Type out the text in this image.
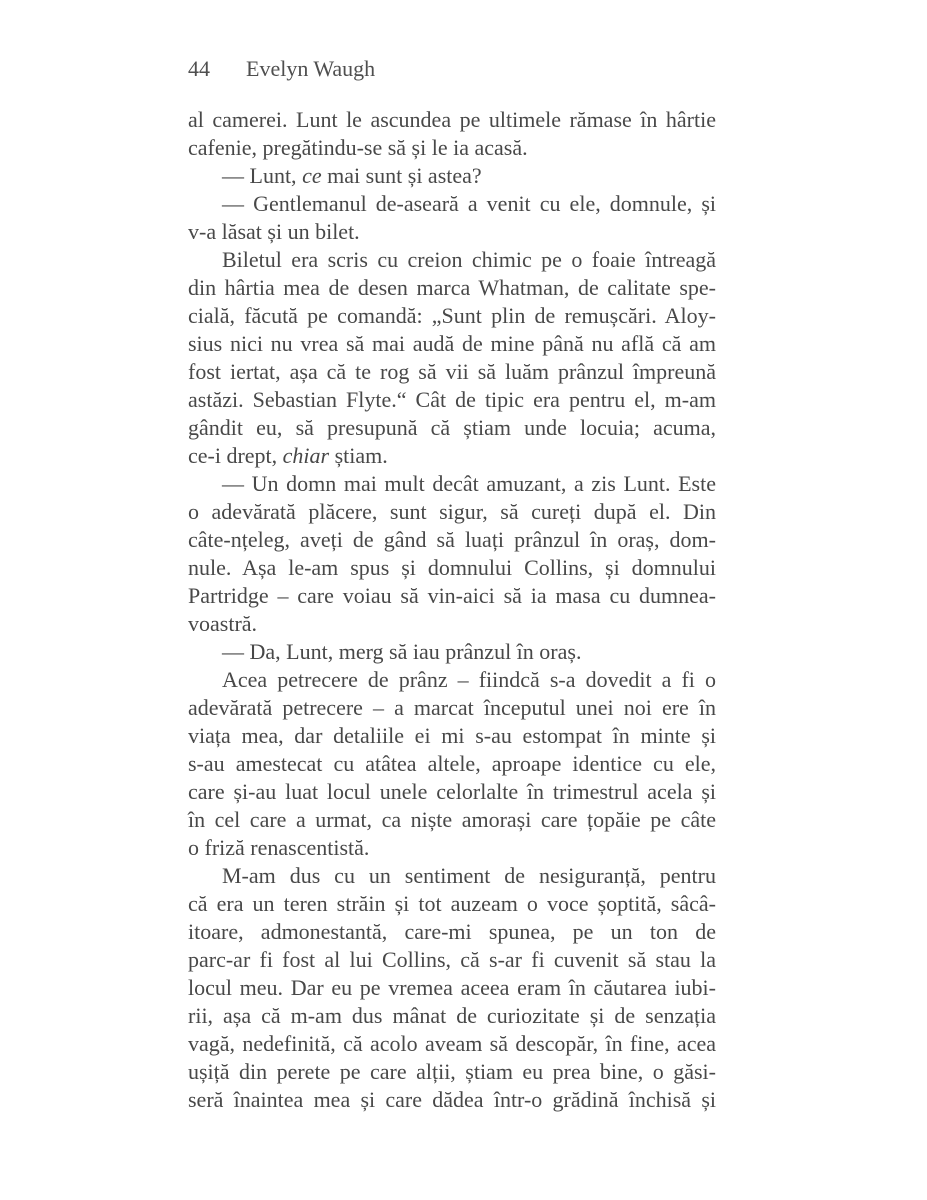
44 Evelyn Waugh
al camerei. Lunt le ascundea pe ultimele rămase în hârtie
cafenie, pregătindu-se să și le ia acasă.
— Lunt, ce mai sunt și astea?
— Gentlemanul de-aseară a venit cu ele, domnule, și
v-a lăsat și un bilet.
Biletul era scris cu creion chimic pe o foaie întreagă
din hârtia mea de desen marca Whatman, de calitate spe-
cială, făcută pe comandă: „Sunt plin de remușcări. Aloy-
sius nici nu vrea să mai audă de mine până nu află că am
fost iertat, așa că te rog să vii să luăm prânzul împreună
astăzi. Sebastian Flyte.“ Cât de tipic era pentru el, m-am
gândit eu, să presupună că știam unde locuia; acuma,
ce-i drept, chiar știam.
— Un domn mai mult decât amuzant, a zis Lunt. Este
o adevărată plăcere, sunt sigur, să cureți după el. Din
câte-nțeleg, aveți de gând să luați prânzul în oraș, dom-
nule. Așa le-am spus și domnului Collins, și domnului
Partridge – care voiau să vin-aici să ia masa cu dumnea-
voastră.
— Da, Lunt, merg să iau prânzul în oraș.
Acea petrecere de prânz – fiindcă s-a dovedit a fi o
adevărată petrecere – a marcat începutul unei noi ere în
viața mea, dar detaliile ei mi s-au estompat în minte și
s-au amestecat cu atâtea altele, aproape identice cu ele,
care și-au luat locul unele celorlalte în trimestrul acela și
în cel care a urmat, ca niște amorași care țopăie pe câte
o friză renascentistă.
M-am dus cu un sentiment de nesiguranță, pentru
că era un teren străin și tot auzeam o voce șoptită, sâcâ-
itoare, admonestantă, care-mi spunea, pe un ton de
parc-ar fi fost al lui Collins, că s-ar fi cuvenit să stau la
locul meu. Dar eu pe vremea aceea eram în căutarea iubi-
rii, așa că m-am dus mânat de curiozitate și de senzația
vagă, nedefinită, că acolo aveam să descopăr, în fine, acea
ușiță din perete pe care alții, știam eu prea bine, o găsi-
seră înaintea mea și care dădea într-o grădină închisă și
